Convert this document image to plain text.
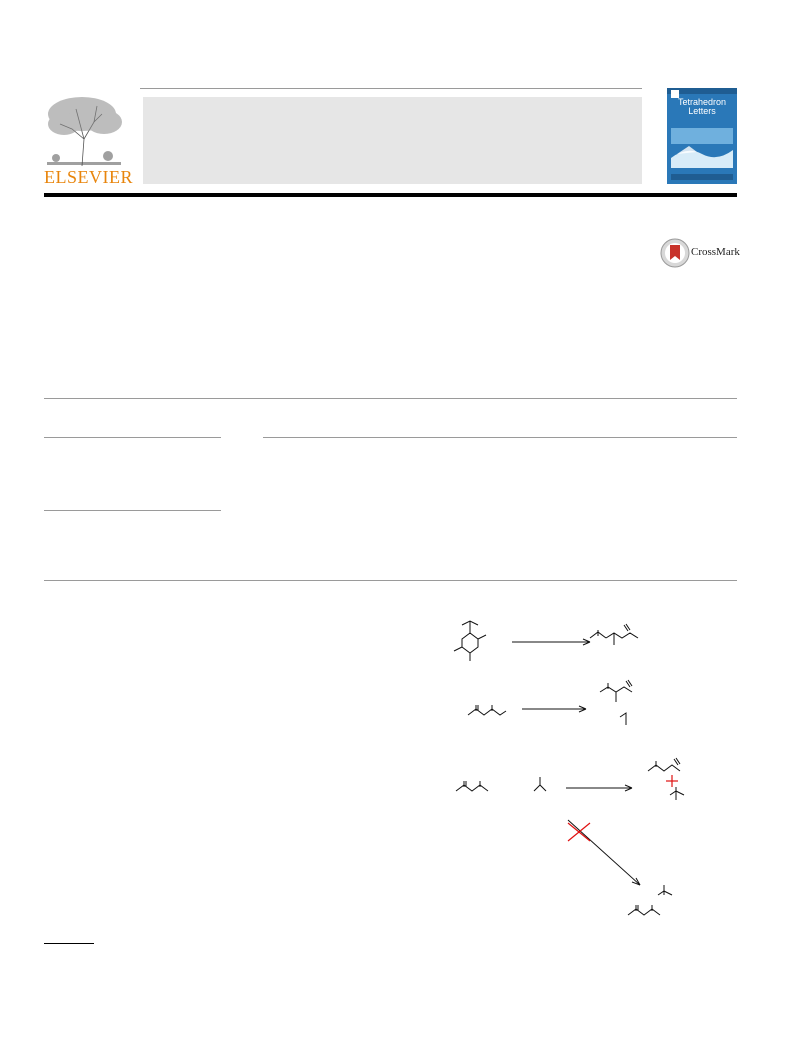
ELSEVIER
Tetrahedron
Letters
CrossMark
